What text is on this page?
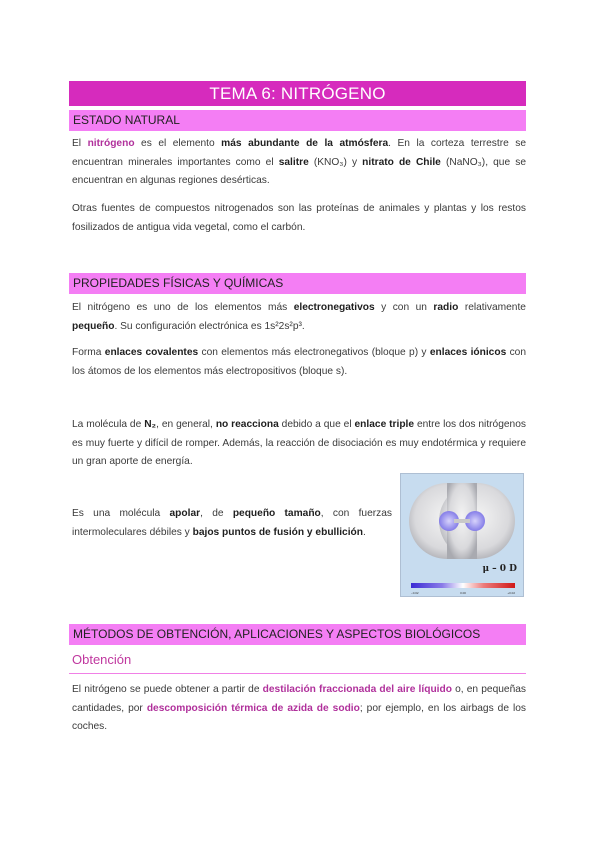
TEMA 6: NITRÓGENO
ESTADO NATURAL
El nitrógeno es el elemento más abundante de la atmósfera. En la corteza terrestre se encuentran minerales importantes como el salitre (KNO₃) y nitrato de Chile (NaNO₃), que se encuentran en algunas regiones desérticas.
Otras fuentes de compuestos nitrogenados son las proteínas de animales y plantas y los restos fosilizados de antigua vida vegetal, como el carbón.
PROPIEDADES FÍSICAS Y QUÍMICAS
El nitrógeno es uno de los elementos más electronegativos y con un radio relativamente pequeño. Su configuración electrónica es 1s²2s²p³.
Forma enlaces covalentes con elementos más electronegativos (bloque p) y enlaces iónicos con los átomos de los elementos más electropositivos (bloque s).
La molécula de N₂, en general, no reacciona debido a que el enlace triple entre los dos nitrógenos es muy fuerte y difícil de romper. Además, la reacción de disociación es muy endotérmica y requiere un gran aporte de energía.
Es una molécula apolar, de pequeño tamaño, con fuerzas intermoleculares débiles y bajos puntos de fusión y ebullición.
μ – 0 D
−0.02	0.00	+0.02
MÉTODOS DE OBTENCIÓN, APLICACIONES Y ASPECTOS BIOLÓGICOS
Obtención
El nitrógeno se puede obtener a partir de destilación fraccionada del aire líquido o, en pequeñas cantidades, por descomposición térmica de azida de sodio; por ejemplo, en los airbags de los coches.
